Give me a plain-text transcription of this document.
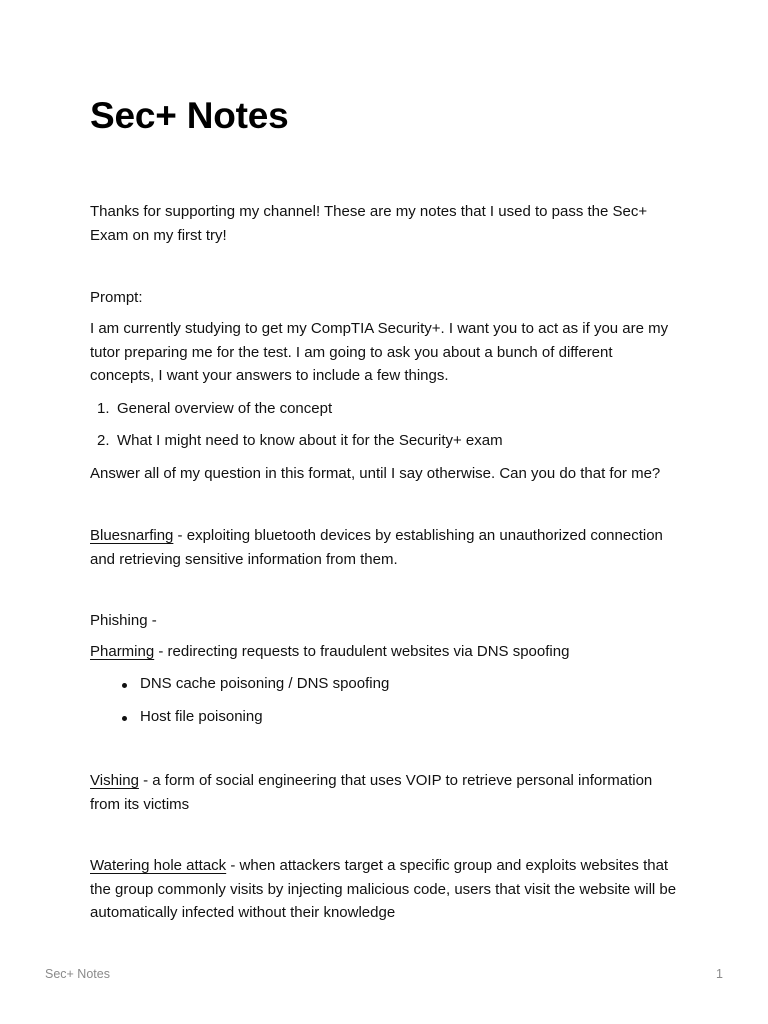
Sec+ Notes

Thanks for supporting my channel! These are my notes that I used to pass the Sec+ Exam on my first try!

Prompt:

I am currently studying to get my CompTIA Security+. I want you to act as if you are my tutor preparing me for the test. I am going to ask you about a bunch of different concepts, I want your answers to include a few things.

1. General overview of the concept
2. What I might need to know about it for the Security+ exam

Answer all of my question in this format, until I say otherwise. Can you do that for me?

Bluesnarfing - exploiting bluetooth devices by establishing an unauthorized connection and retrieving sensitive information from them.

Phishing -

Pharming - redirecting requests to fraudulent websites via DNS spoofing

DNS cache poisoning / DNS spoofing
Host file poisoning

Vishing - a form of social engineering that uses VOIP to retrieve personal information from its victims

Watering hole attack - when attackers target a specific group and exploits websites that the group commonly visits by injecting malicious code, users that visit the website will be automatically infected without their knowledge

Sec+ Notes	1
